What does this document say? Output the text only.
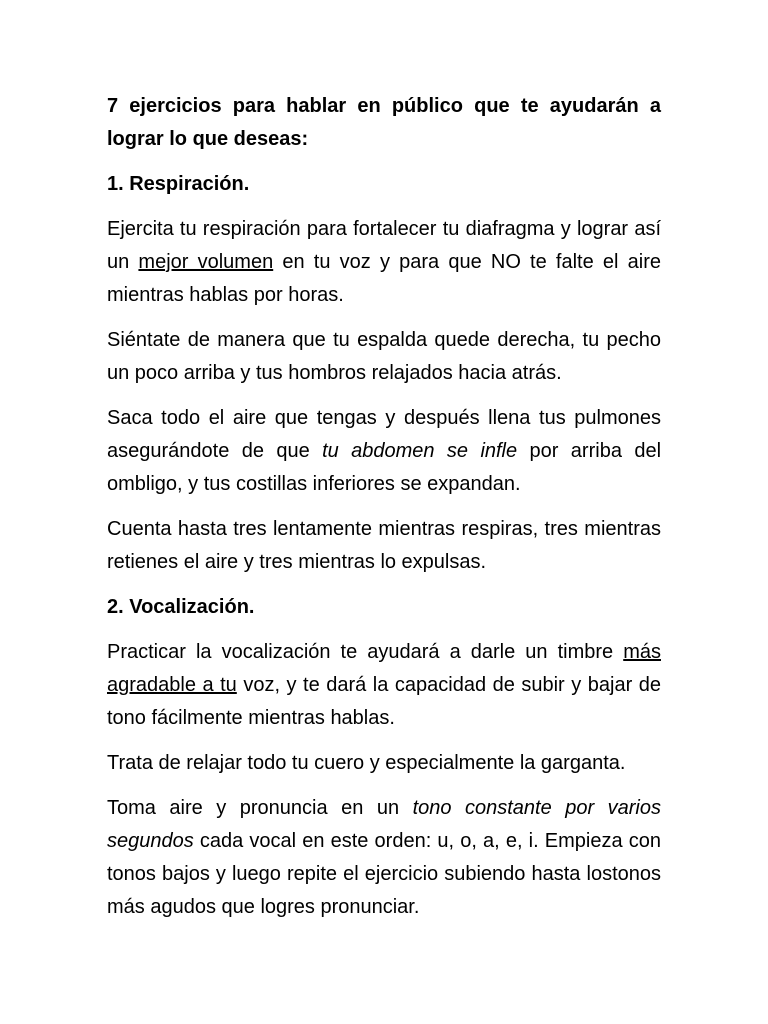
7 ejercicios para hablar en público que te ayudarán a lograr lo que deseas:

1. Respiración.

Ejercita tu respiración para fortalecer tu diafragma y lograr así un mejor volumen en tu voz y para que NO te falte el aire mientras hablas por horas.

Siéntate de manera que tu espalda quede derecha, tu pecho un poco arriba y tus hombros relajados hacia atrás.

Saca todo el aire que tengas y después llena tus pulmones asegurándote de que tu abdomen se infle por arriba del ombligo, y tus costillas inferiores se expandan.

Cuenta hasta tres lentamente mientras respiras, tres mientras retienes el aire y tres mientras lo expulsas.

2. Vocalización.

Practicar la vocalización te ayudará a darle un timbre más agradable a tu voz, y te dará la capacidad de subir y bajar de tono fácilmente mientras hablas.

Trata de relajar todo tu cuero y especialmente la garganta.

Toma aire y pronuncia en un tono constante por varios segundos cada vocal en este orden: u, o, a, e, i. Empieza con tonos bajos y luego repite el ejercicio subiendo hasta lostonos más agudos que logres pronunciar.
